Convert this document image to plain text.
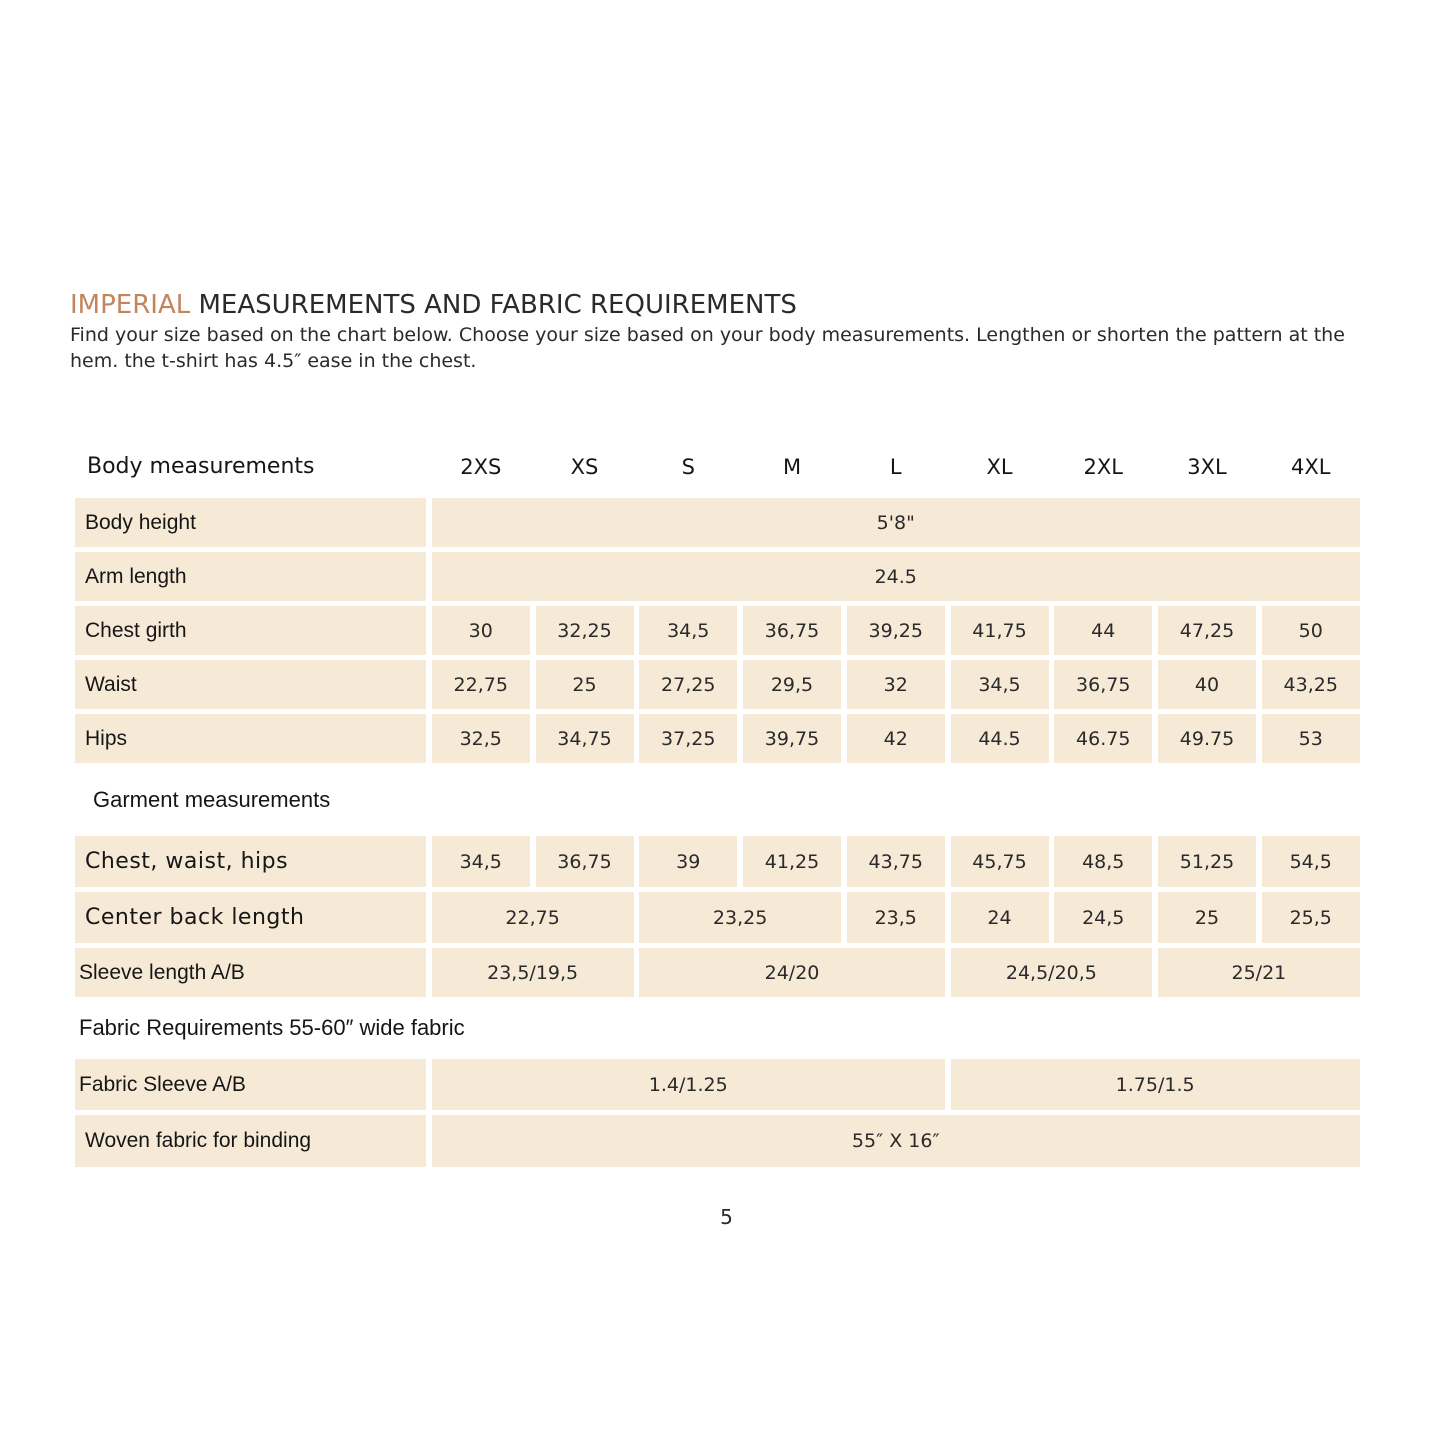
IMPERIAL MEASUREMENTS AND FABRIC REQUIREMENTS

Find your size based on the chart below. Choose your size based on your body measurements. Lengthen or shorten the pattern at the hem. the t-shirt has 4.5″ ease in the chest.

Body measurements	2XS	XS	S	M	L	XL	2XL	3XL	4XL
Body height	5'8"
Arm length	24.5
Chest girth	30	32,25	34,5	36,75	39,25	41,75	44	47,25	50
Waist	22,75	25	27,25	29,5	32	34,5	36,75	40	43,25
Hips	32,5	34,75	37,25	39,75	42	44.5	46.75	49.75	53
Garment measurements
Chest, waist, hips	34,5	36,75	39	41,25	43,75	45,75	48,5	51,25	54,5
Center back length	22,75	23,25	23,5	24	24,5	25	25,5
Sleeve length A/B	23,5/19,5	24/20	24,5/20,5	25/21
Fabric Requirements 55-60″ wide fabric
Fabric Sleeve A/B	1.4/1.25	1.75/1.5
Woven fabric for binding	55″ X 16″
5
